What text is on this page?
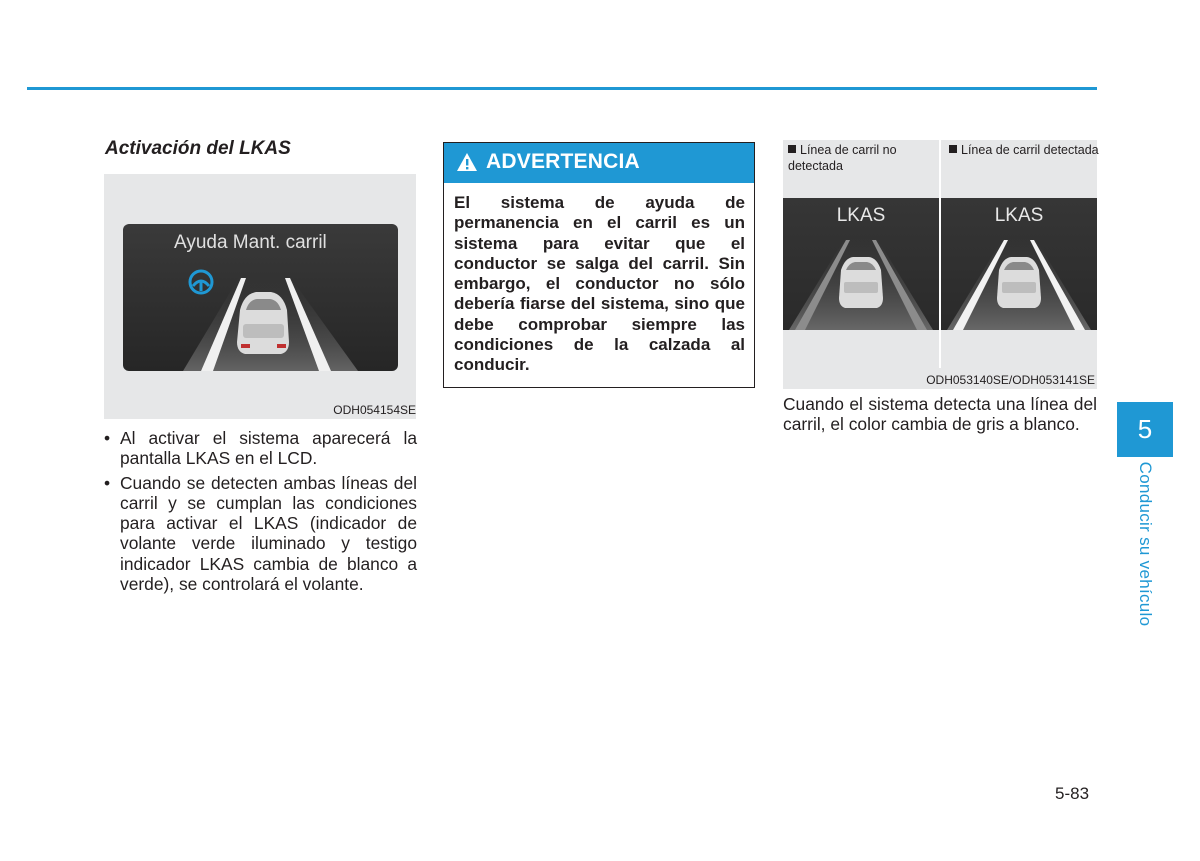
Activación del LKAS
Ayuda Mant. carril
ODH054154SE
• Al activar el sistema aparecerá la pantalla LKAS en el LCD.
• Cuando se detecten ambas líneas del carril y se cumplan las condiciones para activar el LKAS (indicador de volante verde iluminado y testigo indicador LKAS cambia de blanco a verde), se controlará el volante.
ADVERTENCIA

El sistema de ayuda de permanencia en el carril es un sistema para evitar que el conductor se salga del carril. Sin embargo, el conductor no sólo debería fiarse del sistema, sino que debe comprobar siempre las condiciones de la calzada al conducir.

Línea de carril no detectada
Línea de carril detectada
LKAS	LKAS
ODH053140SE/ODH053141SE

Cuando el sistema detecta una línea del carril, el color cambia de gris a blanco.	5
Conducir su vehículo
5-83
